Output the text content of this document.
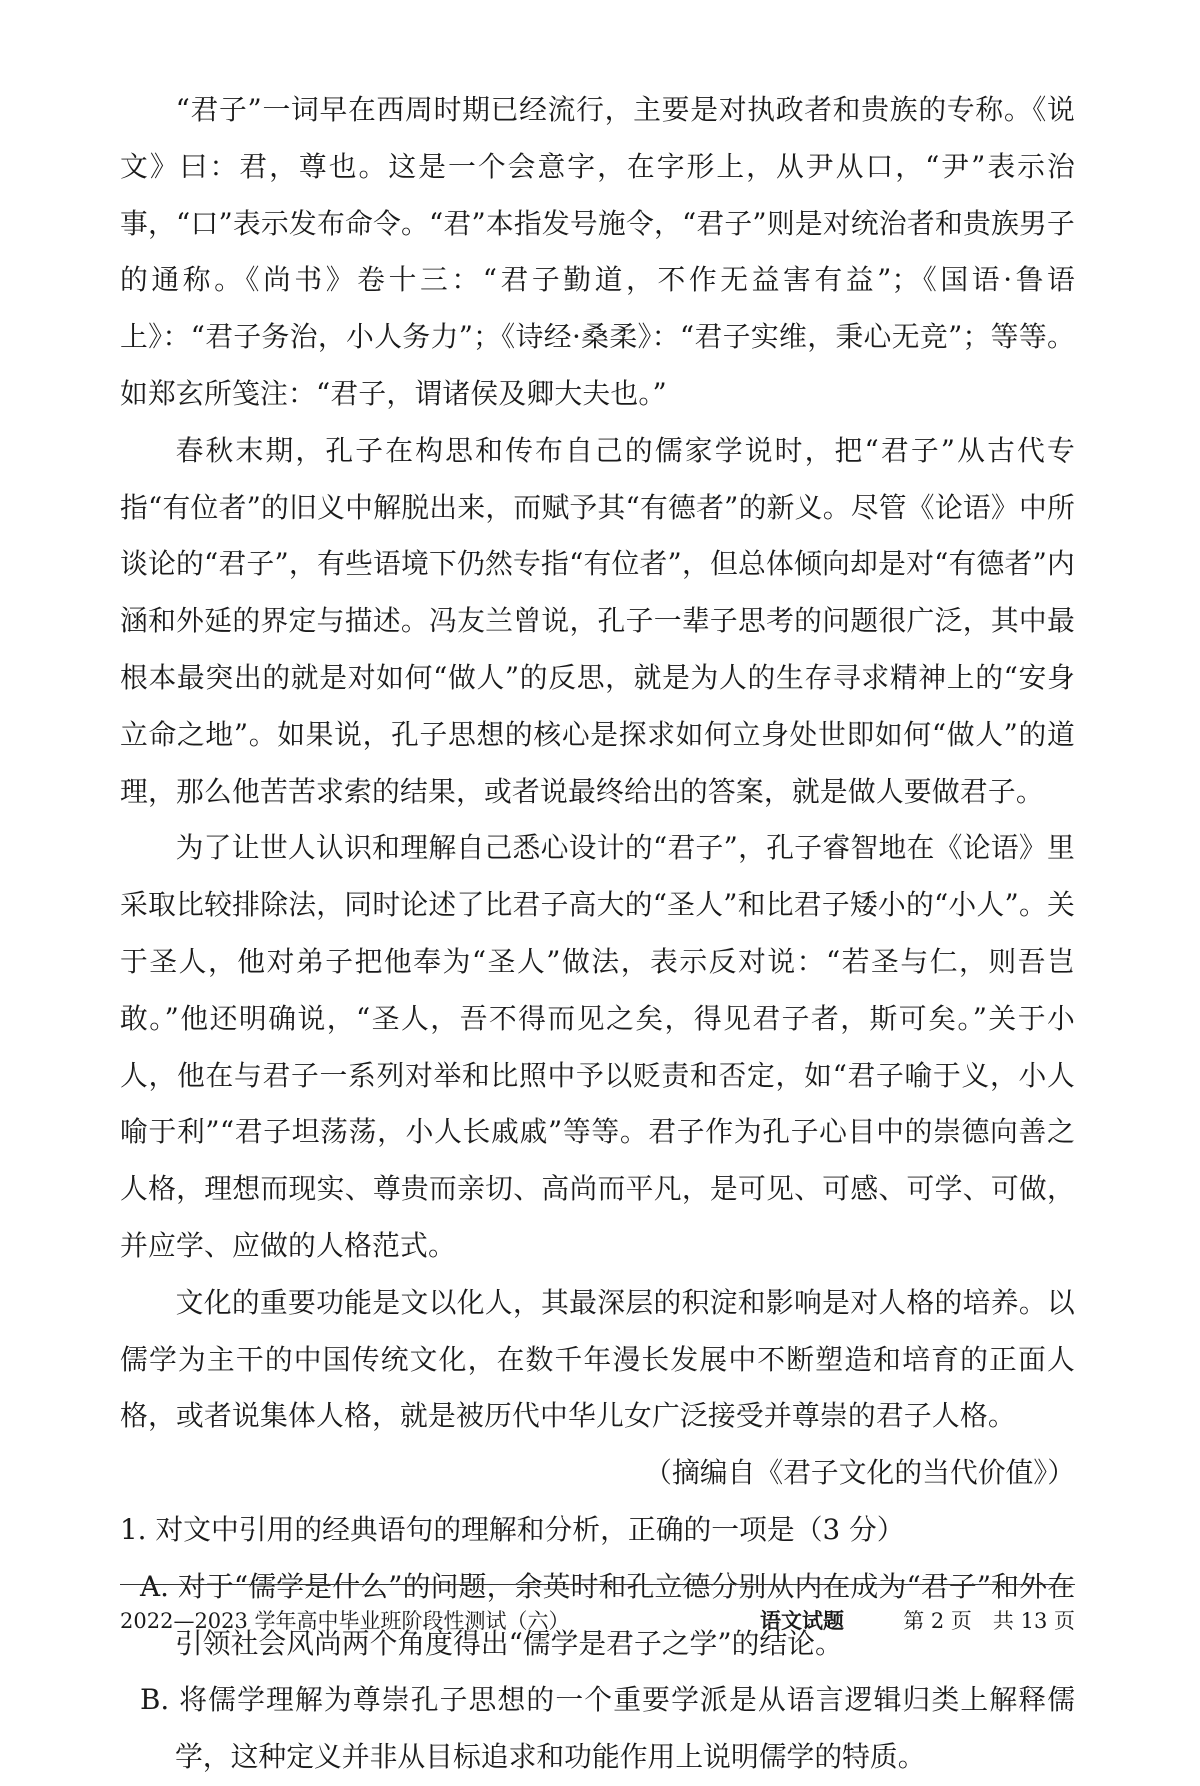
“君子”一词早在西周时期已经流行，主要是对执政者和贵族的专称。《说文》曰：君，尊也。这是一个会意字，在字形上，从尹从口，“尹”表示治事，“口”表示发布命令。“君”本指发号施令，“君子”则是对统治者和贵族男子的通称。《尚书》卷十三：“君子勤道，不作无益害有益”；《国语·鲁语上》：“君子务治，小人务力”；《诗经·桑柔》：“君子实维，秉心无竞”；等等。如郑玄所笺注：“君子，谓诸侯及卿大夫也。”

春秋末期，孔子在构思和传布自己的儒家学说时，把“君子”从古代专指“有位者”的旧义中解脱出来，而赋予其“有德者”的新义。尽管《论语》中所谈论的“君子”，有些语境下仍然专指“有位者”，但总体倾向却是对“有德者”内涵和外延的界定与描述。冯友兰曾说，孔子一辈子思考的问题很广泛，其中最根本最突出的就是对如何“做人”的反思，就是为人的生存寻求精神上的“安身立命之地”。如果说，孔子思想的核心是探求如何立身处世即如何“做人”的道理，那么他苦苦求索的结果，或者说最终给出的答案，就是做人要做君子。

为了让世人认识和理解自己悉心设计的“君子”，孔子睿智地在《论语》里采取比较排除法，同时论述了比君子高大的“圣人”和比君子矮小的“小人”。关于圣人，他对弟子把他奉为“圣人”做法，表示反对说：“若圣与仁，则吾岂敢。”他还明确说，“圣人，吾不得而见之矣，得见君子者，斯可矣。”关于小人，他在与君子一系列对举和比照中予以贬责和否定，如“君子喻于义，小人喻于利”“君子坦荡荡，小人长戚戚”等等。君子作为孔子心目中的崇德向善之人格，理想而现实、尊贵而亲切、高尚而平凡，是可见、可感、可学、可做，并应学、应做的人格范式。

文化的重要功能是文以化人，其最深层的积淀和影响是对人格的培养。以儒学为主干的中国传统文化，在数千年漫长发展中不断塑造和培育的正面人格，或者说集体人格，就是被历代中华儿女广泛接受并尊崇的君子人格。

（摘编自《君子文化的当代价值》）

1. 对文中引用的经典语句的理解和分析，正确的一项是（3 分）

A. 对于“儒学是什么”的问题，余英时和孔立德分别从内在成为“君子”和外在引领社会风尚两个角度得出“儒学是君子之学”的结论。

B. 将儒学理解为尊崇孔子思想的一个重要学派是从语言逻辑归类上解释儒学，这种定义并非从目标追求和功能作用上说明儒学的特质。

2022—2023 学年高中毕业班阶段性测试（六）	语文试题	第 2 页　共 13 页
